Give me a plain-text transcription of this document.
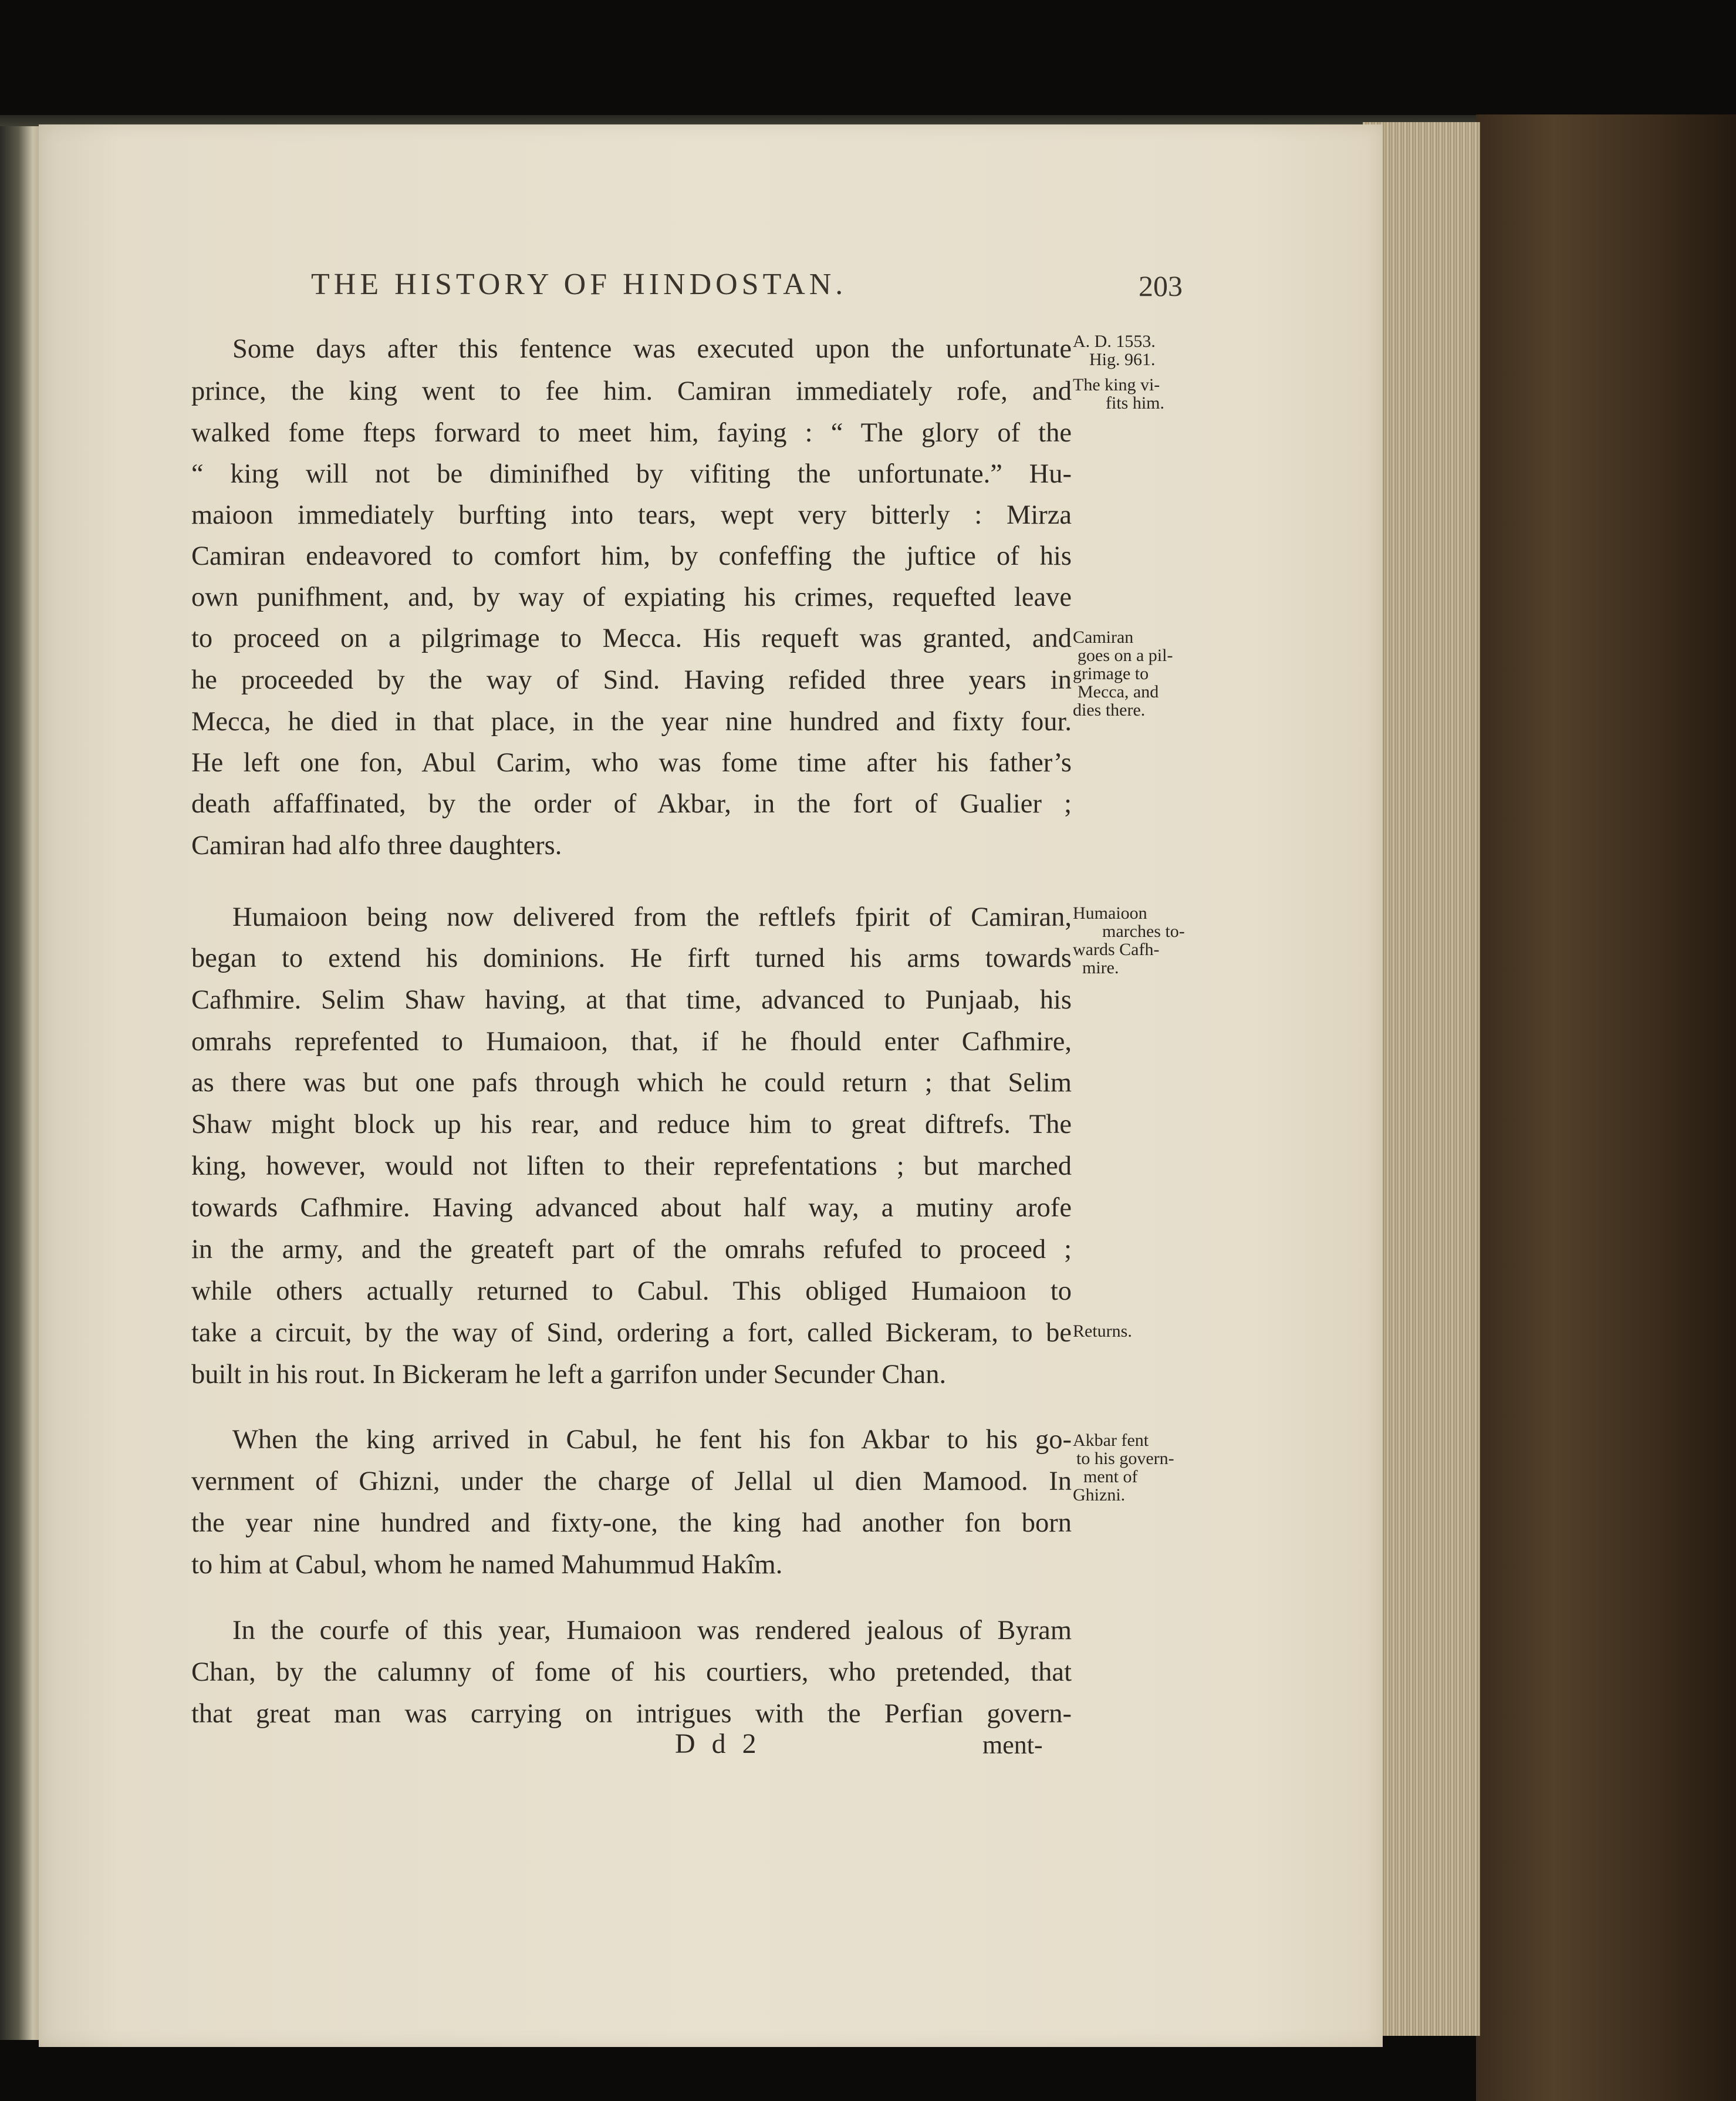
THE HISTORY OF HINDOSTAN.	203
Some days after this fentence was executed upon the unfortunate
prince, the king went to fee him. Camiran immediately rofe, and
walked fome fteps forward to meet him, faying : “ The glory of the
“ king will not be diminifhed by vifiting the unfortunate.” Hu-
maioon immediately burfting into tears, wept very bitterly : Mirza
Camiran endeavored to comfort him, by confeffing the juftice of his
own punifhment, and, by way of expiating his crimes, requefted leave
to proceed on a pilgrimage to Mecca. His requeft was granted, and
he proceeded by the way of Sind. Having refided three years in
Mecca, he died in that place, in the year nine hundred and fixty four.
He left one fon, Abul Carim, who was fome time after his father’s
death affaffinated, by the order of Akbar, in the fort of Gualier ;
Camiran had alfo three daughters.
Humaioon being now delivered from the reftlefs fpirit of Camiran,
began to extend his dominions. He firft turned his arms towards
Cafhmire. Selim Shaw having, at that time, advanced to Punjaab, his
omrahs reprefented to Humaioon, that, if he fhould enter Cafhmire,
as there was but one pafs through which he could return ; that Selim
Shaw might block up his rear, and reduce him to great diftrefs. The
king, however, would not liften to their reprefentations ; but marched
towards Cafhmire. Having advanced about half way, a mutiny arofe
in the army, and the greateft part of the omrahs refufed to proceed ;
while others actually returned to Cabul. This obliged Humaioon to
take a circuit, by the way of Sind, ordering a fort, called Bickeram, to be
built in his rout. In Bickeram he left a garrifon under Secunder Chan.
When the king arrived in Cabul, he fent his fon Akbar to his go-
vernment of Ghizni, under the charge of Jellal ul dien Mamood. In
the year nine hundred and fixty-one, the king had another fon born
to him at Cabul, whom he named Mahummud Hakîm.
In the courfe of this year, Humaioon was rendered jealous of Byram
Chan, by the calumny of fome of his courtiers, who pretended, that
that great man was carrying on intrigues with the Perfian govern-
A. D. 1553.
Hig. 961.
The king vi-
fits him.
Camiran
goes on a pil-
grimage to
Mecca, and
dies there.
Humaioon
marches to-
wards Cafh-
mire.
Returns.
Akbar fent
to his govern-
ment of
Ghizni.
D d 2	ment-
